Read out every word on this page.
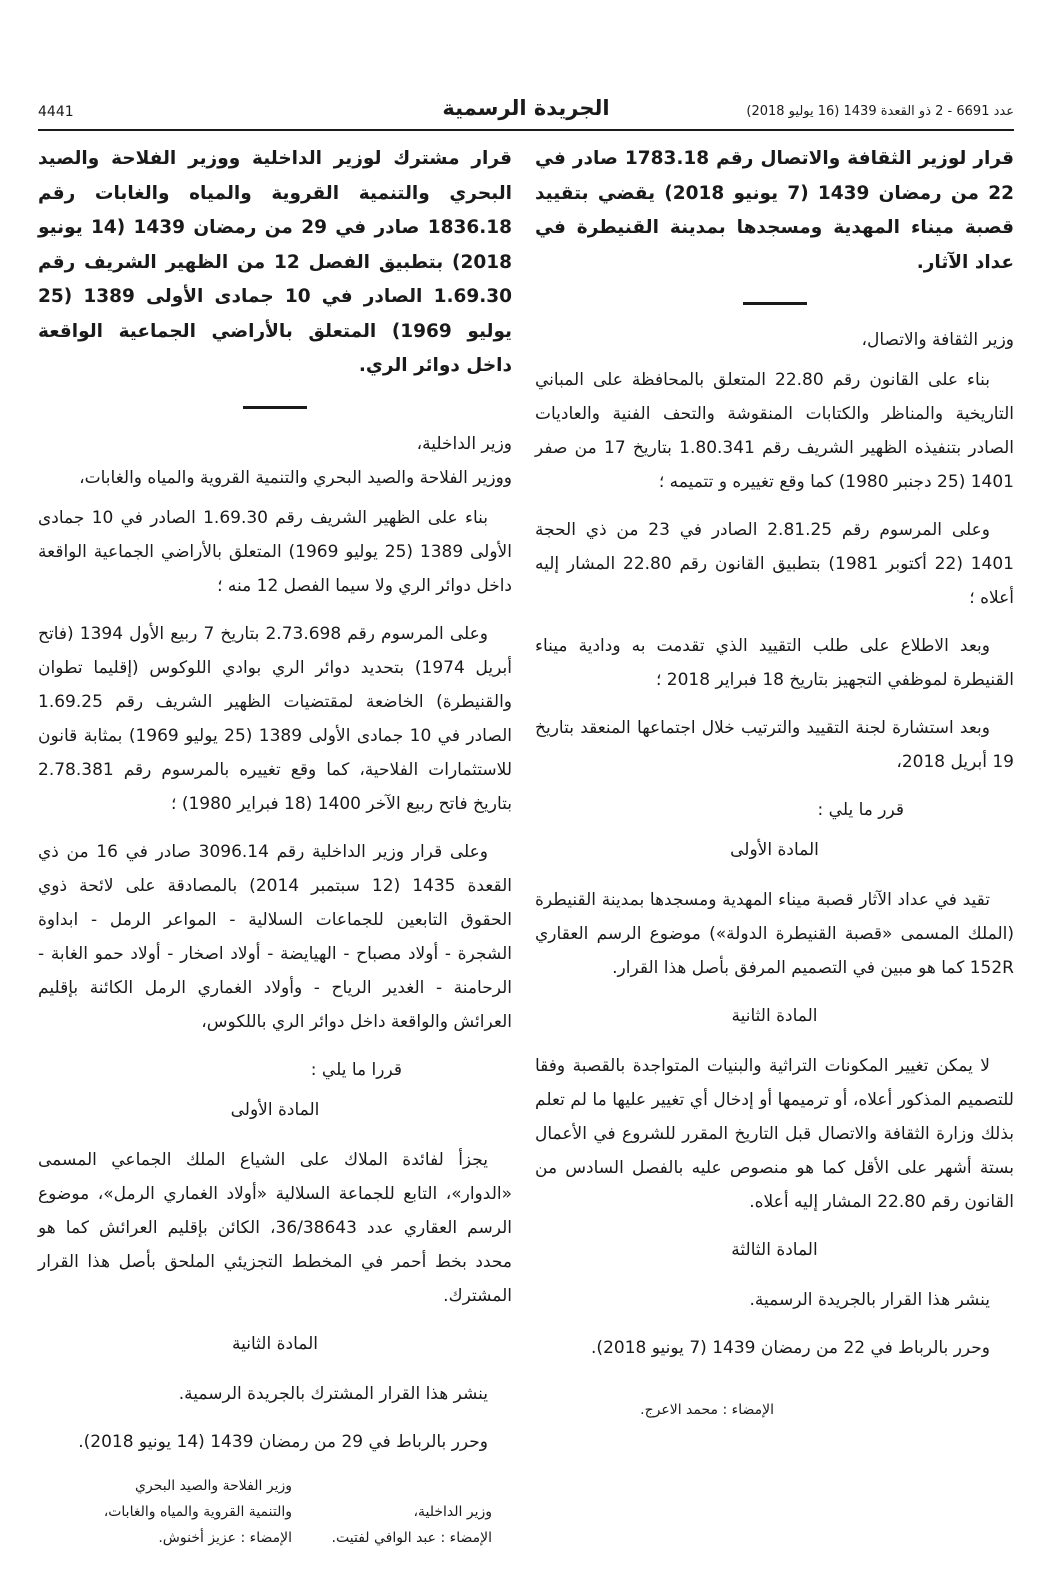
4441	الجريدة الرسمية	عدد 6691 - 2 ذو القعدة 1439 (16 يوليو 2018)

قرار لوزير الثقافة والاتصال رقم 1783.18 صادر في 22 من رمضان 1439 (7 يونيو 2018) يقضي بتقييد قصبة ميناء المهدية ومسجدها بمدينة القنيطرة في عداد الآثار.

وزير الثقافة والاتصال،

بناء على القانون رقم 22.80 المتعلق بالمحافظة على المباني التاريخية والمناظر والكتابات المنقوشة والتحف الفنية والعاديات الصادر بتنفيذه الظهير الشريف رقم 1.80.341 بتاريخ 17 من صفر 1401 (25 دجنبر 1980) كما وقع تغييره و تتميمه ؛

وعلى المرسوم رقم 2.81.25 الصادر في 23 من ذي الحجة 1401 (22 أكتوبر 1981) بتطبيق القانون رقم 22.80 المشار إليه أعلاه ؛

وبعد الاطلاع على طلب التقييد الذي تقدمت به ودادية ميناء القنيطرة لموظفي التجهيز بتاريخ 18 فبراير 2018 ؛

وبعد استشارة لجنة التقييد والترتيب خلال اجتماعها المنعقد بتاريخ 19 أبريل 2018،

قرر ما يلي :

المادة الأولى

تقيد في عداد الآثار قصبة ميناء المهدية ومسجدها بمدينة القنيطرة (الملك المسمى «قصبة القنيطرة الدولة») موضوع الرسم العقاري 152R كما هو مبين في التصميم المرفق بأصل هذا القرار.

المادة الثانية

لا يمكن تغيير المكونات التراثية والبنيات المتواجدة بالقصبة وفقا للتصميم المذكور أعلاه، أو ترميمها أو إدخال أي تغيير عليها ما لم تعلم بذلك وزارة الثقافة والاتصال قبل التاريخ المقرر للشروع في الأعمال بستة أشهر على الأقل كما هو منصوص عليه بالفصل السادس من القانون رقم 22.80 المشار إليه أعلاه.

المادة الثالثة

ينشر هذا القرار بالجريدة الرسمية.

وحرر بالرباط في 22 من رمضان 1439 (7 يونيو 2018).

الإمضاء : محمد الاعرج.

قرار مشترك لوزير الداخلية ووزير الفلاحة والصيد البحري والتنمية القروية والمياه والغابات رقم 1836.18 صادر في 29 من رمضان 1439 (14 يونيو 2018) بتطبيق الفصل 12 من الظهير الشريف رقم 1.69.30 الصادر في 10 جمادى الأولى 1389 (25 يوليو 1969) المتعلق بالأراضي الجماعية الواقعة داخل دوائر الري.

وزير الداخلية،

ووزير الفلاحة والصيد البحري والتنمية القروية والمياه والغابات،

بناء على الظهير الشريف رقم 1.69.30 الصادر في 10 جمادى الأولى 1389 (25 يوليو 1969) المتعلق بالأراضي الجماعية الواقعة داخل دوائر الري ولا سيما الفصل 12 منه ؛

وعلى المرسوم رقم 2.73.698 بتاريخ 7 ربيع الأول 1394 (فاتح أبريل 1974) بتحديد دوائر الري بوادي اللوكوس (إقليما تطوان والقنيطرة) الخاضعة لمقتضيات الظهير الشريف رقم 1.69.25 الصادر في 10 جمادى الأولى 1389 (25 يوليو 1969) بمثابة قانون للاستثمارات الفلاحية، كما وقع تغييره بالمرسوم رقم 2.78.381 بتاريخ فاتح ربيع الآخر 1400 (18 فبراير 1980) ؛

وعلى قرار وزير الداخلية رقم 3096.14 صادر في 16 من ذي القعدة 1435 (12 سبتمبر 2014) بالمصادقة على لائحة ذوي الحقوق التابعين للجماعات السلالية - المواعر الرمل - ابداوة الشجرة - أولاد مصباح - الهيايضة - أولاد اصخار - أولاد حمو الغابة - الرحامنة - الغدير الرياح - وأولاد الغماري الرمل الكائنة بإقليم العرائش والواقعة داخل دوائر الري باللكوس،

قررا ما يلي :

المادة الأولى

يجزأ لفائدة الملاك على الشياع الملك الجماعي المسمى «الدوار»، التابع للجماعة السلالية «أولاد الغماري الرمل»، موضوع الرسم العقاري عدد 36/38643، الكائن بإقليم العرائش كما هو محدد بخط أحمر في المخطط التجزيئي الملحق بأصل هذا القرار المشترك.

المادة الثانية

ينشر هذا القرار المشترك بالجريدة الرسمية.

وحرر بالرباط في 29 من رمضان 1439 (14 يونيو 2018).

وزير الفلاحة والصيد البحري
والتنمية القروية والمياه والغابات،
الإمضاء : عزيز أخنوش.
وزير الداخلية،
الإمضاء : عبد الوافي لفتيت.
